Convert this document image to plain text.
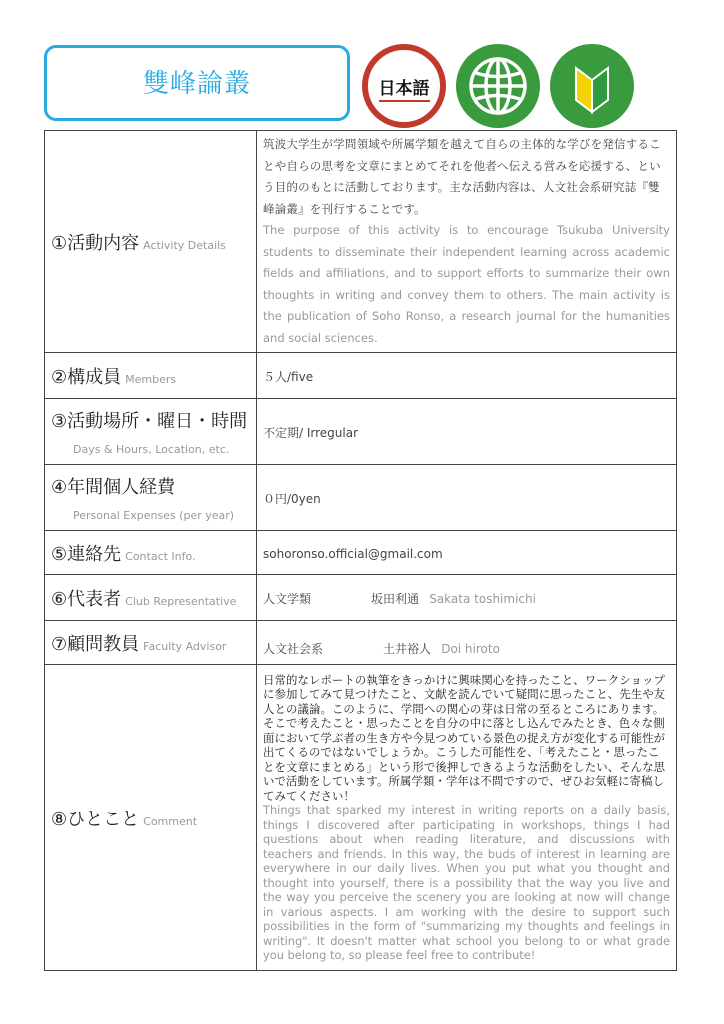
雙峰論叢	日本語
①活動内容 Activity Details	筑波大学生が学問領域や所属学類を越えて自らの主体的な学びを発信することや自らの思考を文章にまとめてそれを他者へ伝える営みを応援する、という目的のもとに活動しております。主な活動内容は、人文社会系研究誌『雙峰論叢』を刊行することです。
The purpose of this activity is to encourage Tsukuba University students to disseminate their independent learning across academic fields and affiliations, and to support efforts to summarize their own thoughts in writing and convey them to others. The main activity is the publication of Soho Ronso, a research journal for the humanities and social sciences.

②構成員 Members	５人/five
③活動場所・曜日・時間
Days & Hours, Location, etc.	不定期/ Irregular
④年間個人経費
Personal Expenses (per year)	０円/0yen
⑤連絡先 Contact Info.	sohoronso.official@gmail.com
⑥代表者 Club Representative	人文学類 坂田利通 Sakata toshimichi
⑦顧問教員 Faculty Advisor	人文社会系 土井裕人 Doi hiroto
⑧ひとこと Comment	日常的なレポートの執筆をきっかけに興味関心を持ったこと、ワークショップに参加してみて見つけたこと、文献を読んでいて疑問に思ったこと、先生や友人との議論。このように、学問への関心の芽は日常の至るところにあります。そこで考えたこと・思ったことを自分の中に落とし込んでみたとき、色々な側面において学ぶ者の生き方や今見つめている景色の捉え方が変化する可能性が出てくるのではないでしょうか。こうした可能性を、「考えたこと・思ったことを文章にまとめる」という形で後押しできるような活動をしたい、そんな思いで活動をしています。所属学類・学年は不問ですので、ぜひお気軽に寄稿してみてください！
Things that sparked my interest in writing reports on a daily basis, things I discovered after participating in workshops, things I had questions about when reading literature, and discussions with teachers and friends. In this way, the buds of interest in learning are everywhere in our daily lives. When you put what you thought and thought into yourself, there is a possibility that the way you live and the way you perceive the scenery you are looking at now will change in various aspects. I am working with the desire to support such possibilities in the form of "summarizing my thoughts and feelings in writing". It doesn't matter what school you belong to or what grade you belong to, so please feel free to contribute!
